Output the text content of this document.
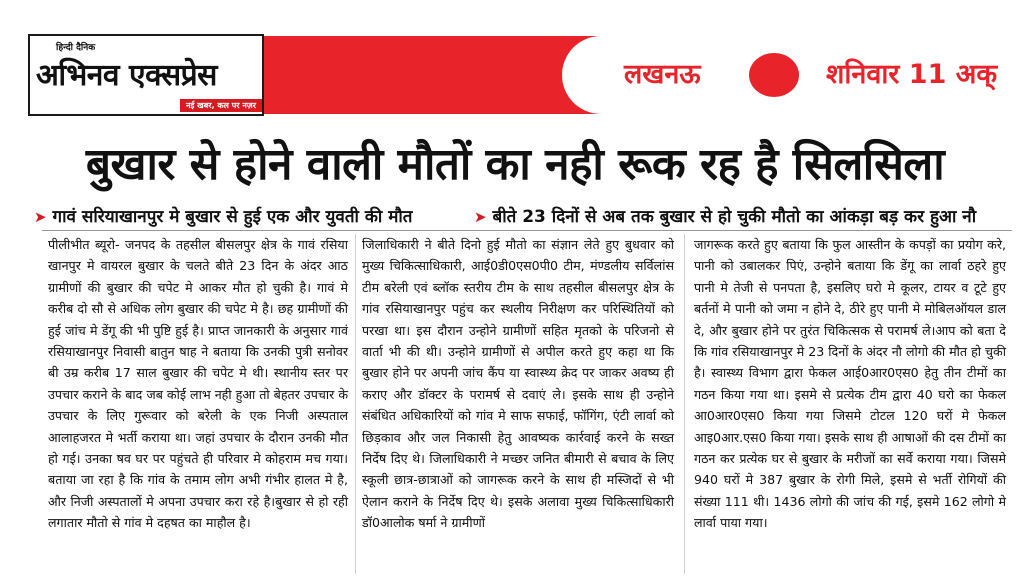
हिन्दी दैनिक
अभिनव एक्सप्रेस
नई खबर, कल पर नज़र
लखनऊ	शनिवार 11 अक्
बुखार से होने वाली मौतों का नही रूक रह है सिलसिला
➤ गावं सरियाखानपुर मे बुखार से हुई एक और युवती की मौत	➤ बीते 23 दिनों से अब तक बुखार से हो चुकी मौतो का आंकड़ा बड़ कर हुआ नौ

पीलीभीत ब्यूरो- जनपद के तहसील बीसलपुर क्षेत्र के गावं रसिया खानपुर मे वायरल बुखार के चलते बीते 23 दिन के अंदर आठ ग्रामीणों की बुखार की चपेट मे आकर मौत हो चुकी है। गावं मे करीब दो सौ से अधिक लोग बुखार की चपेट मे है। छह ग्रामीणों की हुई जांच मे डेंगू की भी पुष्टि हुई है। प्राप्त जानकारी के अनुसार गावं रसियाखानपुर निवासी बातुन षाह ने बताया कि उनकी पुत्री सनोवर बी उम्र करीब 17 साल बुखार की चपेट मे थी। स्थानीय स्तर पर उपचार कराने के बाद जब कोई लाभ नही हुआ तो बेहतर उपचार के उपचार के लिए गुरूवार को बरेली के एक निजी अस्पताल आलाहजरत मे भर्ती कराया था। जहां उपचार के दौरान उनकी मौत हो गई। उनका षव घर पर पहुंचते ही परिवार मे कोहराम मच गया। बताया जा रहा है कि गांव के तमाम लोग अभी गंभीर हालत मे है, और निजी अस्पतालों मे अपना उपचार करा रहे है।बुखार से हो रही लगातार मौतो से गांव मे दहषत का माहौल है।

जिलाधिकारी ने बीते दिनो हुई मौतो का संज्ञान लेते हुए बुधवार को मुख्य चिकित्साधिकारी, आई0डी0एस0पी0 टीम, मंण्डलीय सर्विलांस टीम बरेली एवं ब्लॉक स्तरीय टीम के साथ तहसील बीसलपुर क्षेत्र के गांव रसियाखानपुर पहुंच कर स्थलीय निरीक्षण कर परिस्थितियों को परखा था। इस दौरान उन्होने ग्रामीणों सहित मृतको के परिजनो से वार्ता भी की थी। उन्होने ग्रामीणों से अपील करते हुए कहा था कि बुखार होने पर अपनी जांच कैंप या स्वास्थ्य क्रेद पर जाकर अवष्य ही कराए और डॉक्टर के परामर्ष से दवाएं ले। इसके साथ ही उन्होने संबंधित अधिकारियों को गांव मे साफ सफाई, फॉगिंग, एंटी लार्वा को छिड़काव और जल निकासी हेतु आवष्यक कार्रवाई करने के सख्त निर्देष दिए थे। जिलाधिकारी ने मच्छर जनित बीमारी से बचाव के लिए स्कूली छात्र-छात्राओं को जागरूक करने के साथ ही मस्जिदों से भी ऐलान कराने के निर्देष दिए थे। इसके अलावा मुख्य चिकित्साधिकारी डॉ0आलोक षर्मा ने ग्रामीणों

जागरूक करते हुए बताया कि फुल आस्तीन के कपड़ों का प्रयोग करे, पानी को उबालकर पिएं, उन्होने बताया कि डेंगू का लार्वा ठहरे हुए पानी मे तेजी से पनपता है, इसलिए घरो मे कूलर, टायर व टूटे हुए बर्तनों मे पानी को जमा न होने दे, ठीरे हुए पानी मे मोबिलऑयल डाल दे, और बुखार होने पर तुरंत चिकित्सक से परामर्ष ले।आप को बता दे कि गांव रसियाखानपुर मे 23 दिनों के अंदर नौ लोगो की मौत हो चुकी है। स्वास्थ्य विभाग द्वारा फेकल आई0आर0एस0 हेतु तीन टीमों का गठन किया गया था। इसमे से प्रत्येक टीम द्वारा 40 घरो का फेकल आ0आर0एस0 किया गया जिसमे टोटल 120 घरों मे फेकल आइ0आर.एस0 किया गया। इसके साथ ही आषाओं की दस टीमों का गठन कर प्रत्येक घर से बुखार के मरीजों का सर्वे कराया गया। जिसमे 940 घरों मे 387 बुखार के रोगी मिले, इसमे से भर्ती रोगियों की संख्या 111 थी। 1436 लोगो की जांच की गई, इसमे 162 लोगो मे लार्वा पाया गया।
